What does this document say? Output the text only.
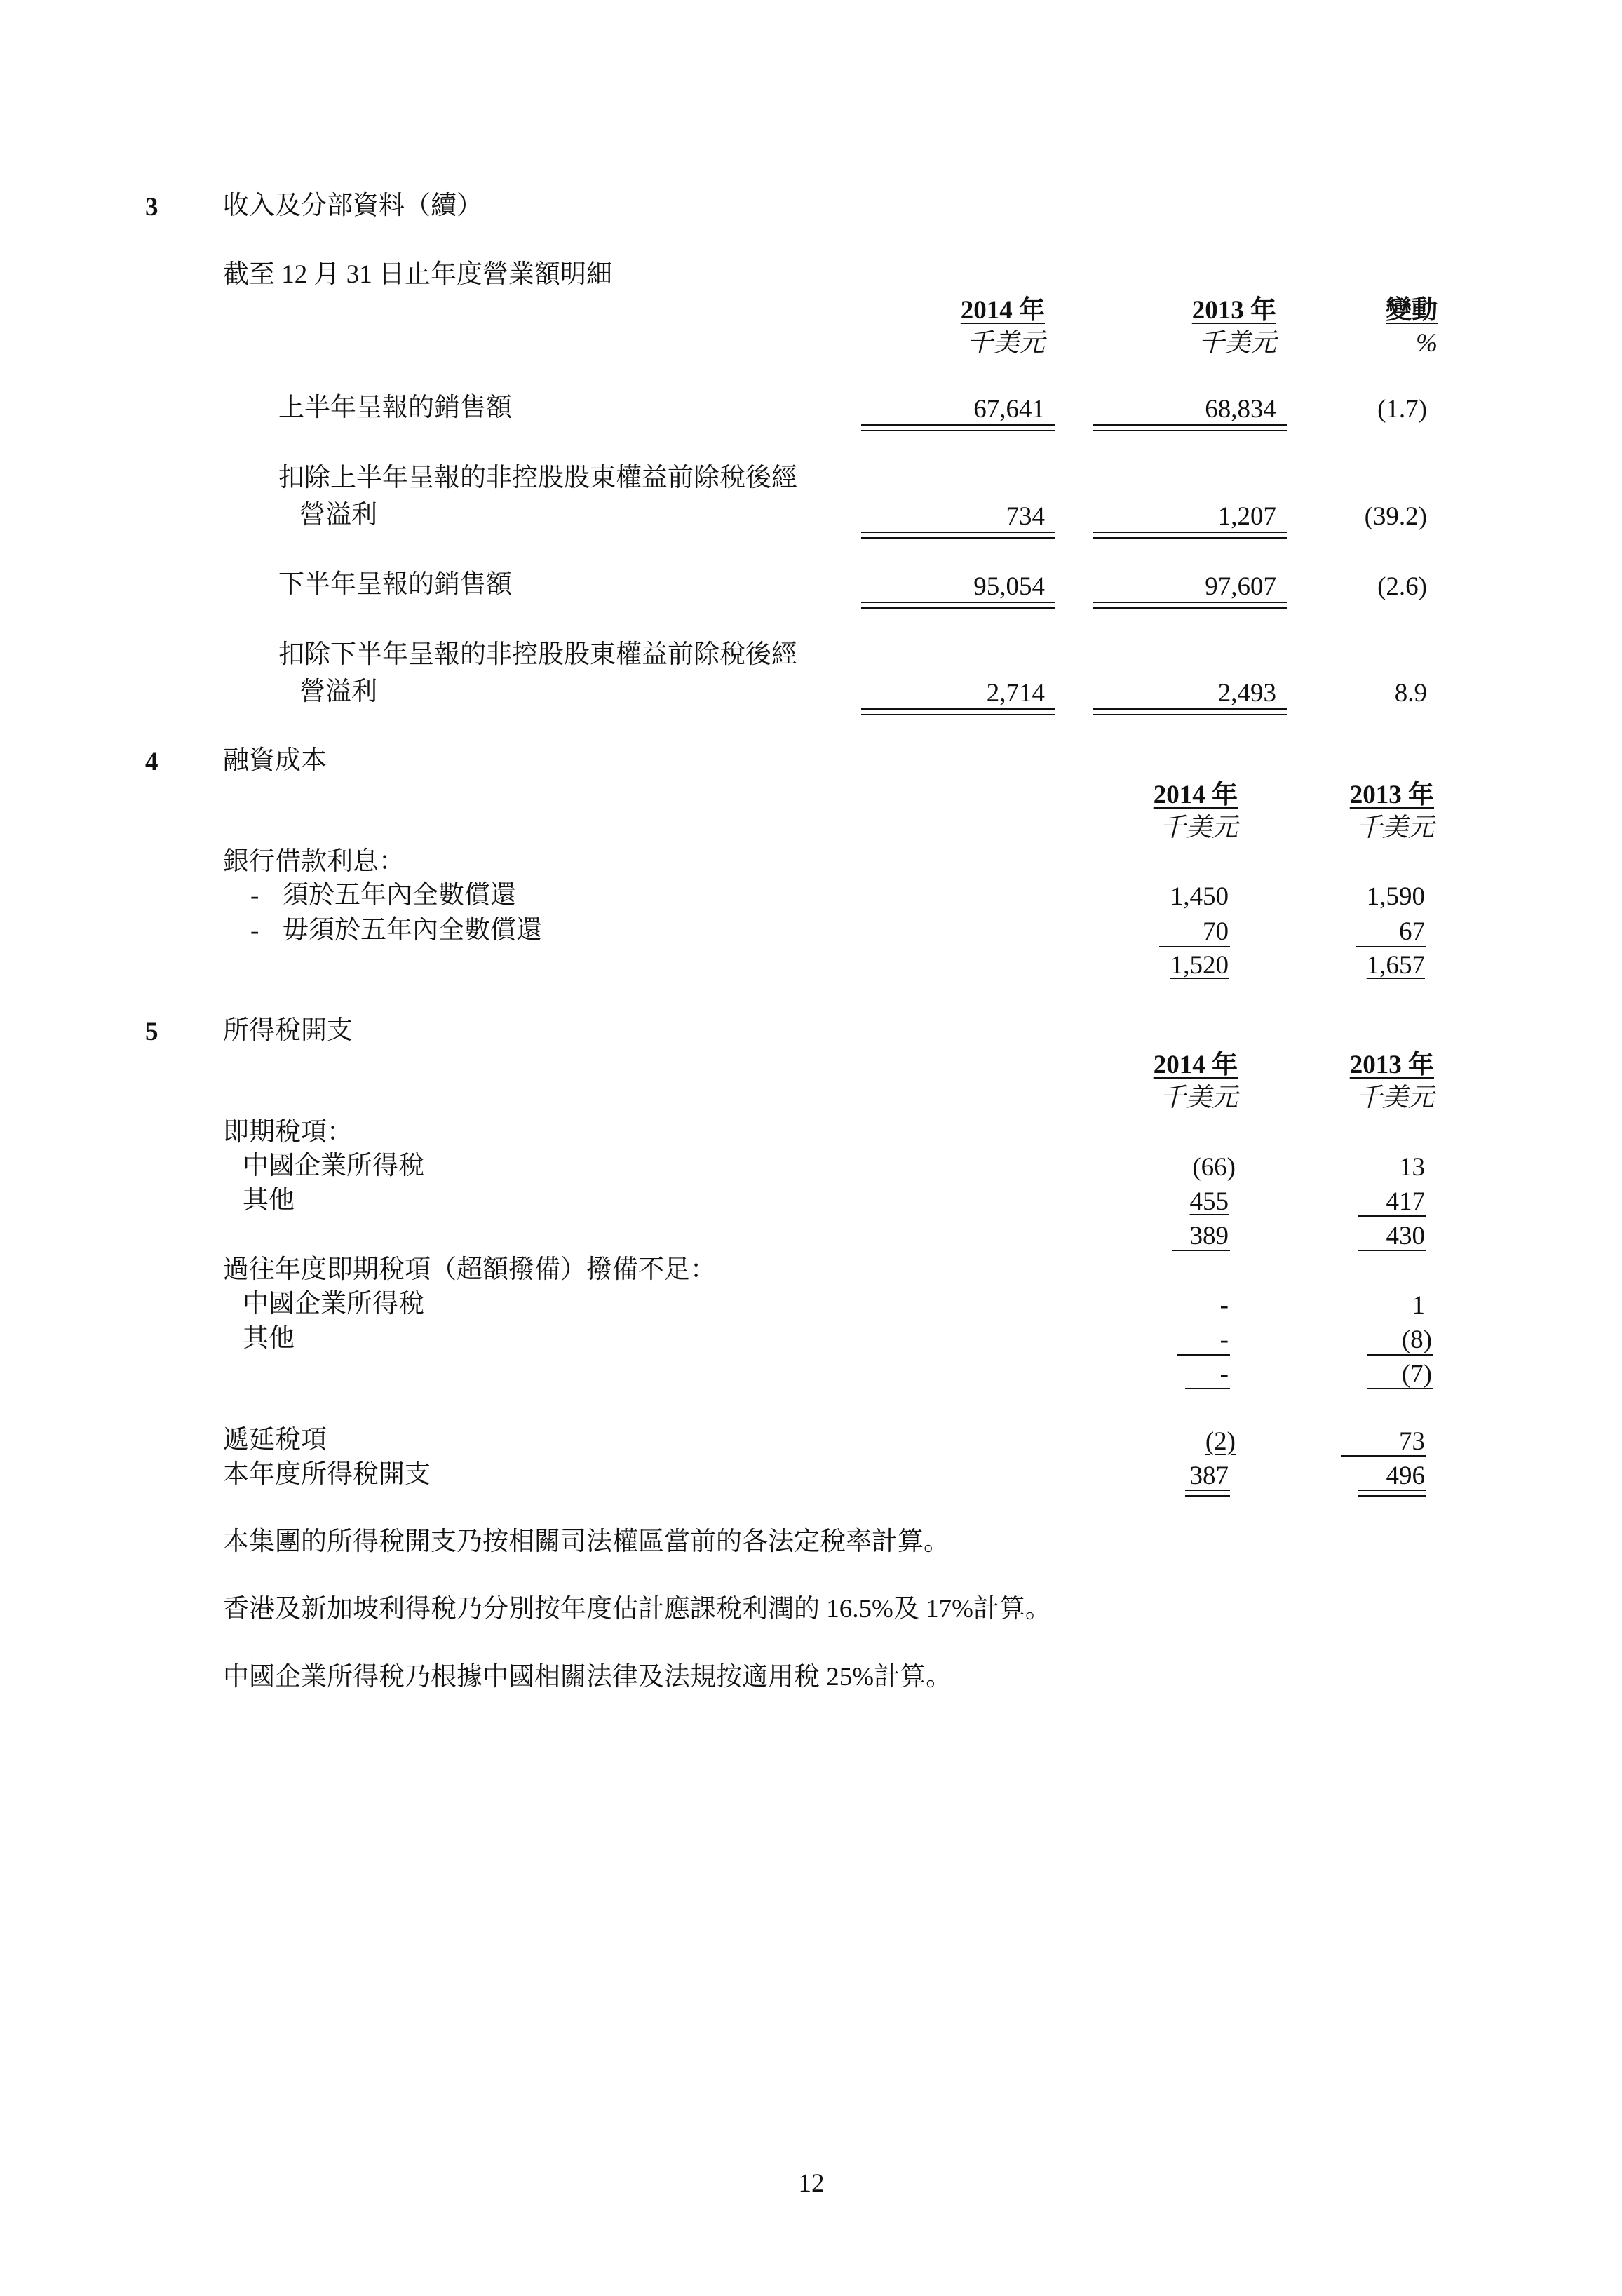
3	收入及分部資料（續）
截至 12 月 31 日止年度營業額明細
2014 年	2013 年	變動
千美元	千美元	%
上半年呈報的銷售額	67,641	68,834	(1.7)
扣除上半年呈報的非控股股東權益前除稅後經
營溢利	734	1,207	(39.2)
下半年呈報的銷售額	95,054	97,607	(2.6)
扣除下半年呈報的非控股股東權益前除稅後經
營溢利	2,714	2,493	8.9
4	融資成本
2014 年	2013 年
千美元	千美元
銀行借款利息：
- 須於五年內全數償還	1,450	1,590
- 毋須於五年內全數償還	70	67
1,520	1,657
5	所得稅開支
2014 年	2013 年
千美元	千美元
即期稅項：
中國企業所得稅	(66)	13
其他	455	417
389	430
過往年度即期稅項（超額撥備）撥備不足：
中國企業所得稅	-	1
其他	-	(8)
-	(7)
遞延稅項	(2)	73
本年度所得稅開支	387	496
本集團的所得稅開支乃按相關司法權區當前的各法定稅率計算。
香港及新加坡利得稅乃分別按年度估計應課稅利潤的 16.5%及 17%計算。
中國企業所得稅乃根據中國相關法律及法規按適用稅 25%計算。
12
